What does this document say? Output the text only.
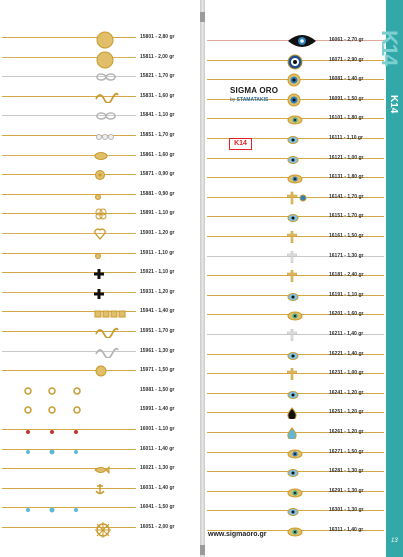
15801 - 2,80 gr
15811 - 2,00 gr
15821 - 1,70 gr
15831 - 1,60 gr
15841 - 1,10 gr
15851 - 1,70 gr
15861 - 1,60 gr
15871 - 0,90 gr
15881 - 0,90 gr
15891 - 1,10 gr
15901 - 1,20 gr
15911 - 1,10 gr
15921 - 1,10 gr
15931 - 1,20 gr
15941 - 1,40 gr
15951 - 1,70 gr
15961 - 1,30 gr
15971 - 1,50 gr
15981 - 1,50 gr
15991 - 1,40 gr
16001 - 1,10 gr
16011 - 1,40 gr
16021 - 1,30 gr
16031 - 1,40 gr
16041 - 1,50 gr
16051 - 2,00 gr
16061 - 2,70 gr
16071 - 2,90 gr
16081 - 1,40 gr
16091 - 1,50 gr
16101 - 1,80 gr
16111 - 1,10 gr
16121 - 1,00 gr
16131 - 1,80 gr
16141 - 1,70 gr
16151 - 1,70 gr
16161 - 1,50 gr
16171 - 1,30 gr
16181 - 2,40 gr
16191 - 1,10 gr
16201 - 1,60 gr
16211 - 1,40 gr
16221 - 1,40 gr
16231 - 1,00 gr
16241 - 1,20 gr
16251 - 1,20 gr
16261 - 1,20 gr
16271 - 1,50 gr
16281 - 1,30 gr
16291 - 1,30 gr
16301 - 1,30 gr
16311 - 1,40 gr
SIGMA ORO
by STAMATAKIS
K14
K14
K14
13
www.sigmaoro.gr
